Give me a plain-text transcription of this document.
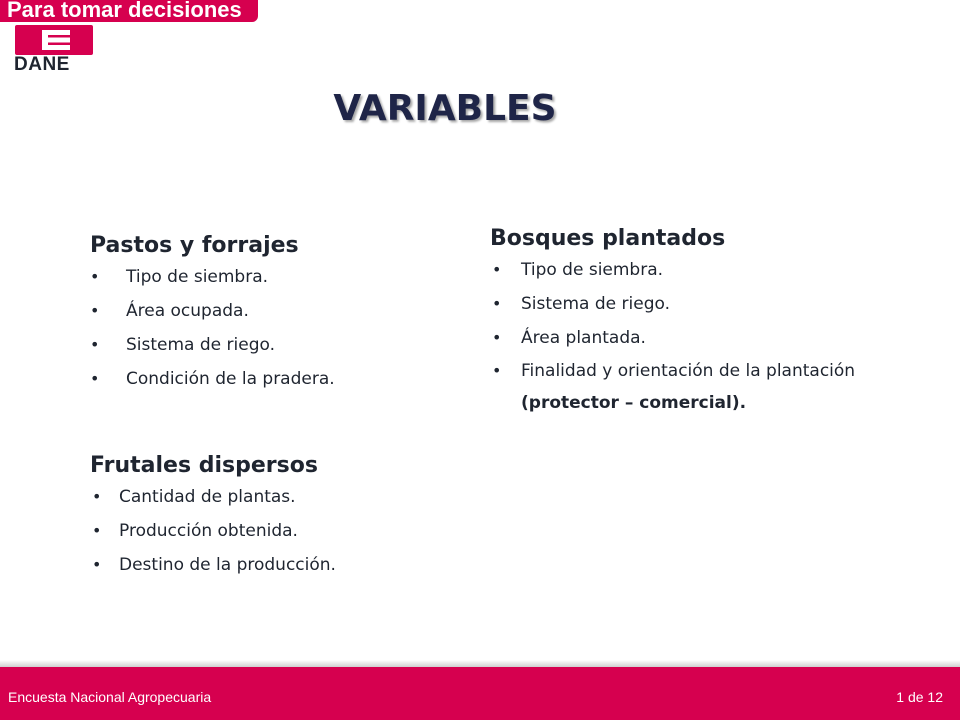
Para tomar decisiones
DANE
VARIABLES
Pastos y forrajes
• Tipo de siembra.
• Área ocupada.
• Sistema de riego.
• Condición de la pradera.
Frutales dispersos
• Cantidad de plantas.
• Producción obtenida.
• Destino de la producción.
Bosques plantados
• Tipo de siembra.
• Sistema de riego.
• Área plantada.
• Finalidad y orientación de la plantación (protector – comercial).
Encuesta Nacional Agropecuaria	1 de 12
